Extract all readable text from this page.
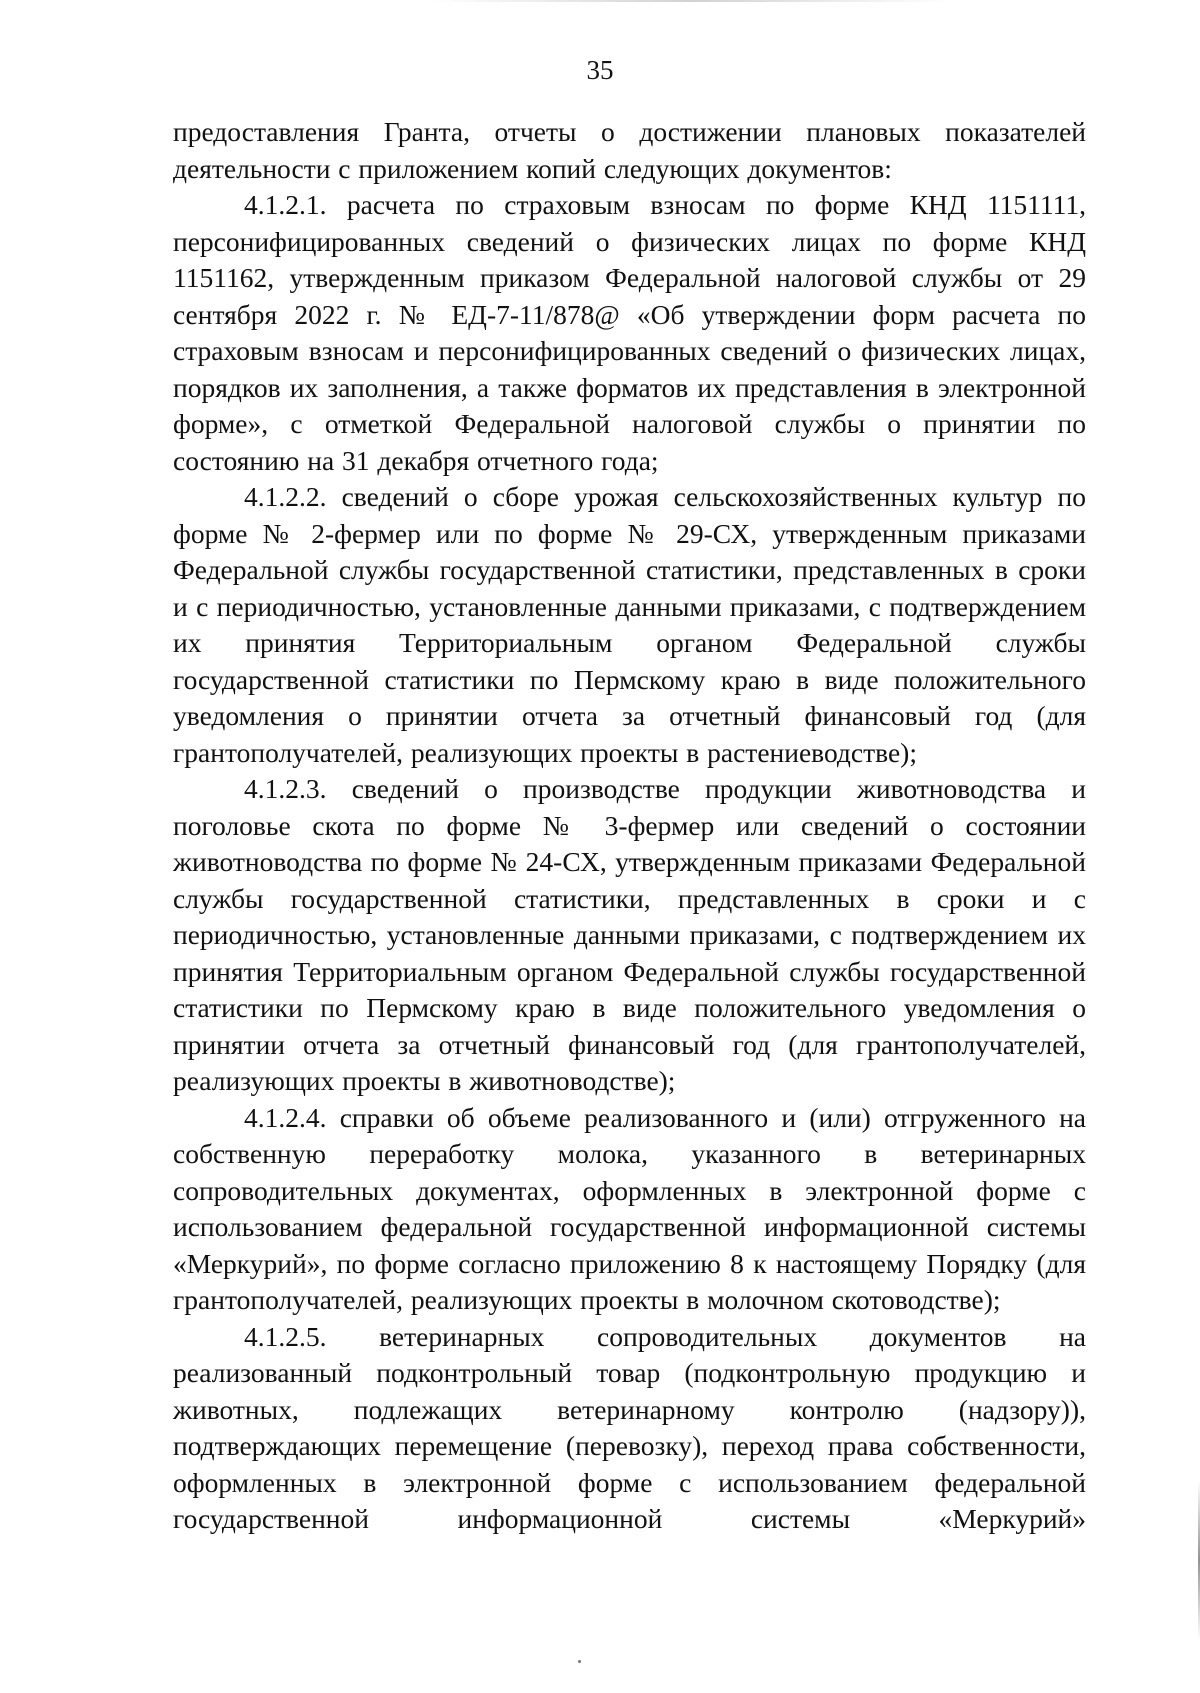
35

предоставления Гранта, отчеты о достижении плановых показателей деятельности с приложением копий следующих документов:

4.1.2.1. расчета по страховым взносам по форме КНД 1151111, персонифицированных сведений о физических лицах по форме КНД 1151162, утвержденным приказом Федеральной налоговой службы от 29 сентября 2022 г. № ЕД-7-11/878@ «Об утверждении форм расчета по страховым взносам и персонифицированных сведений о физических лицах, порядков их заполнения, а также форматов их представления в электронной форме», с отметкой Федеральной налоговой службы о принятии по состоянию на 31 декабря отчетного года;

4.1.2.2. сведений о сборе урожая сельскохозяйственных культур по форме № 2-фермер или по форме № 29-СХ, утвержденным приказами Федеральной службы государственной статистики, представленных в сроки и с периодичностью, установленные данными приказами, с подтверждением их принятия Территориальным органом Федеральной службы государственной статистики по Пермскому краю в виде положительного уведомления о принятии отчета за отчетный финансовый год (для грантополучателей, реализующих проекты в растениеводстве);

4.1.2.3. сведений о производстве продукции животноводства и поголовье скота по форме № 3-фермер или сведений о состоянии животноводства по форме № 24-СХ, утвержденным приказами Федеральной службы государственной статистики, представленных в сроки и с периодичностью, установленные данными приказами, с подтверждением их принятия Территориальным органом Федеральной службы государственной статистики по Пермскому краю в виде положительного уведомления о принятии отчета за отчетный финансовый год (для грантополучателей, реализующих проекты в животноводстве);

4.1.2.4. справки об объеме реализованного и (или) отгруженного на собственную переработку молока, указанного в ветеринарных сопроводительных документах, оформленных в электронной форме с использованием федеральной государственной информационной системы «Меркурий», по форме согласно приложению 8 к настоящему Порядку (для грантополучателей, реализующих проекты в молочном скотоводстве);

4.1.2.5. ветеринарных сопроводительных документов на реализованный подконтрольный товар (подконтрольную продукцию и животных, подлежащих ветеринарному контролю (надзору)), подтверждающих перемещение (перевозку), переход права собственности, оформленных в электронной форме с использованием федеральной государственной информационной системы «Меркурий»
